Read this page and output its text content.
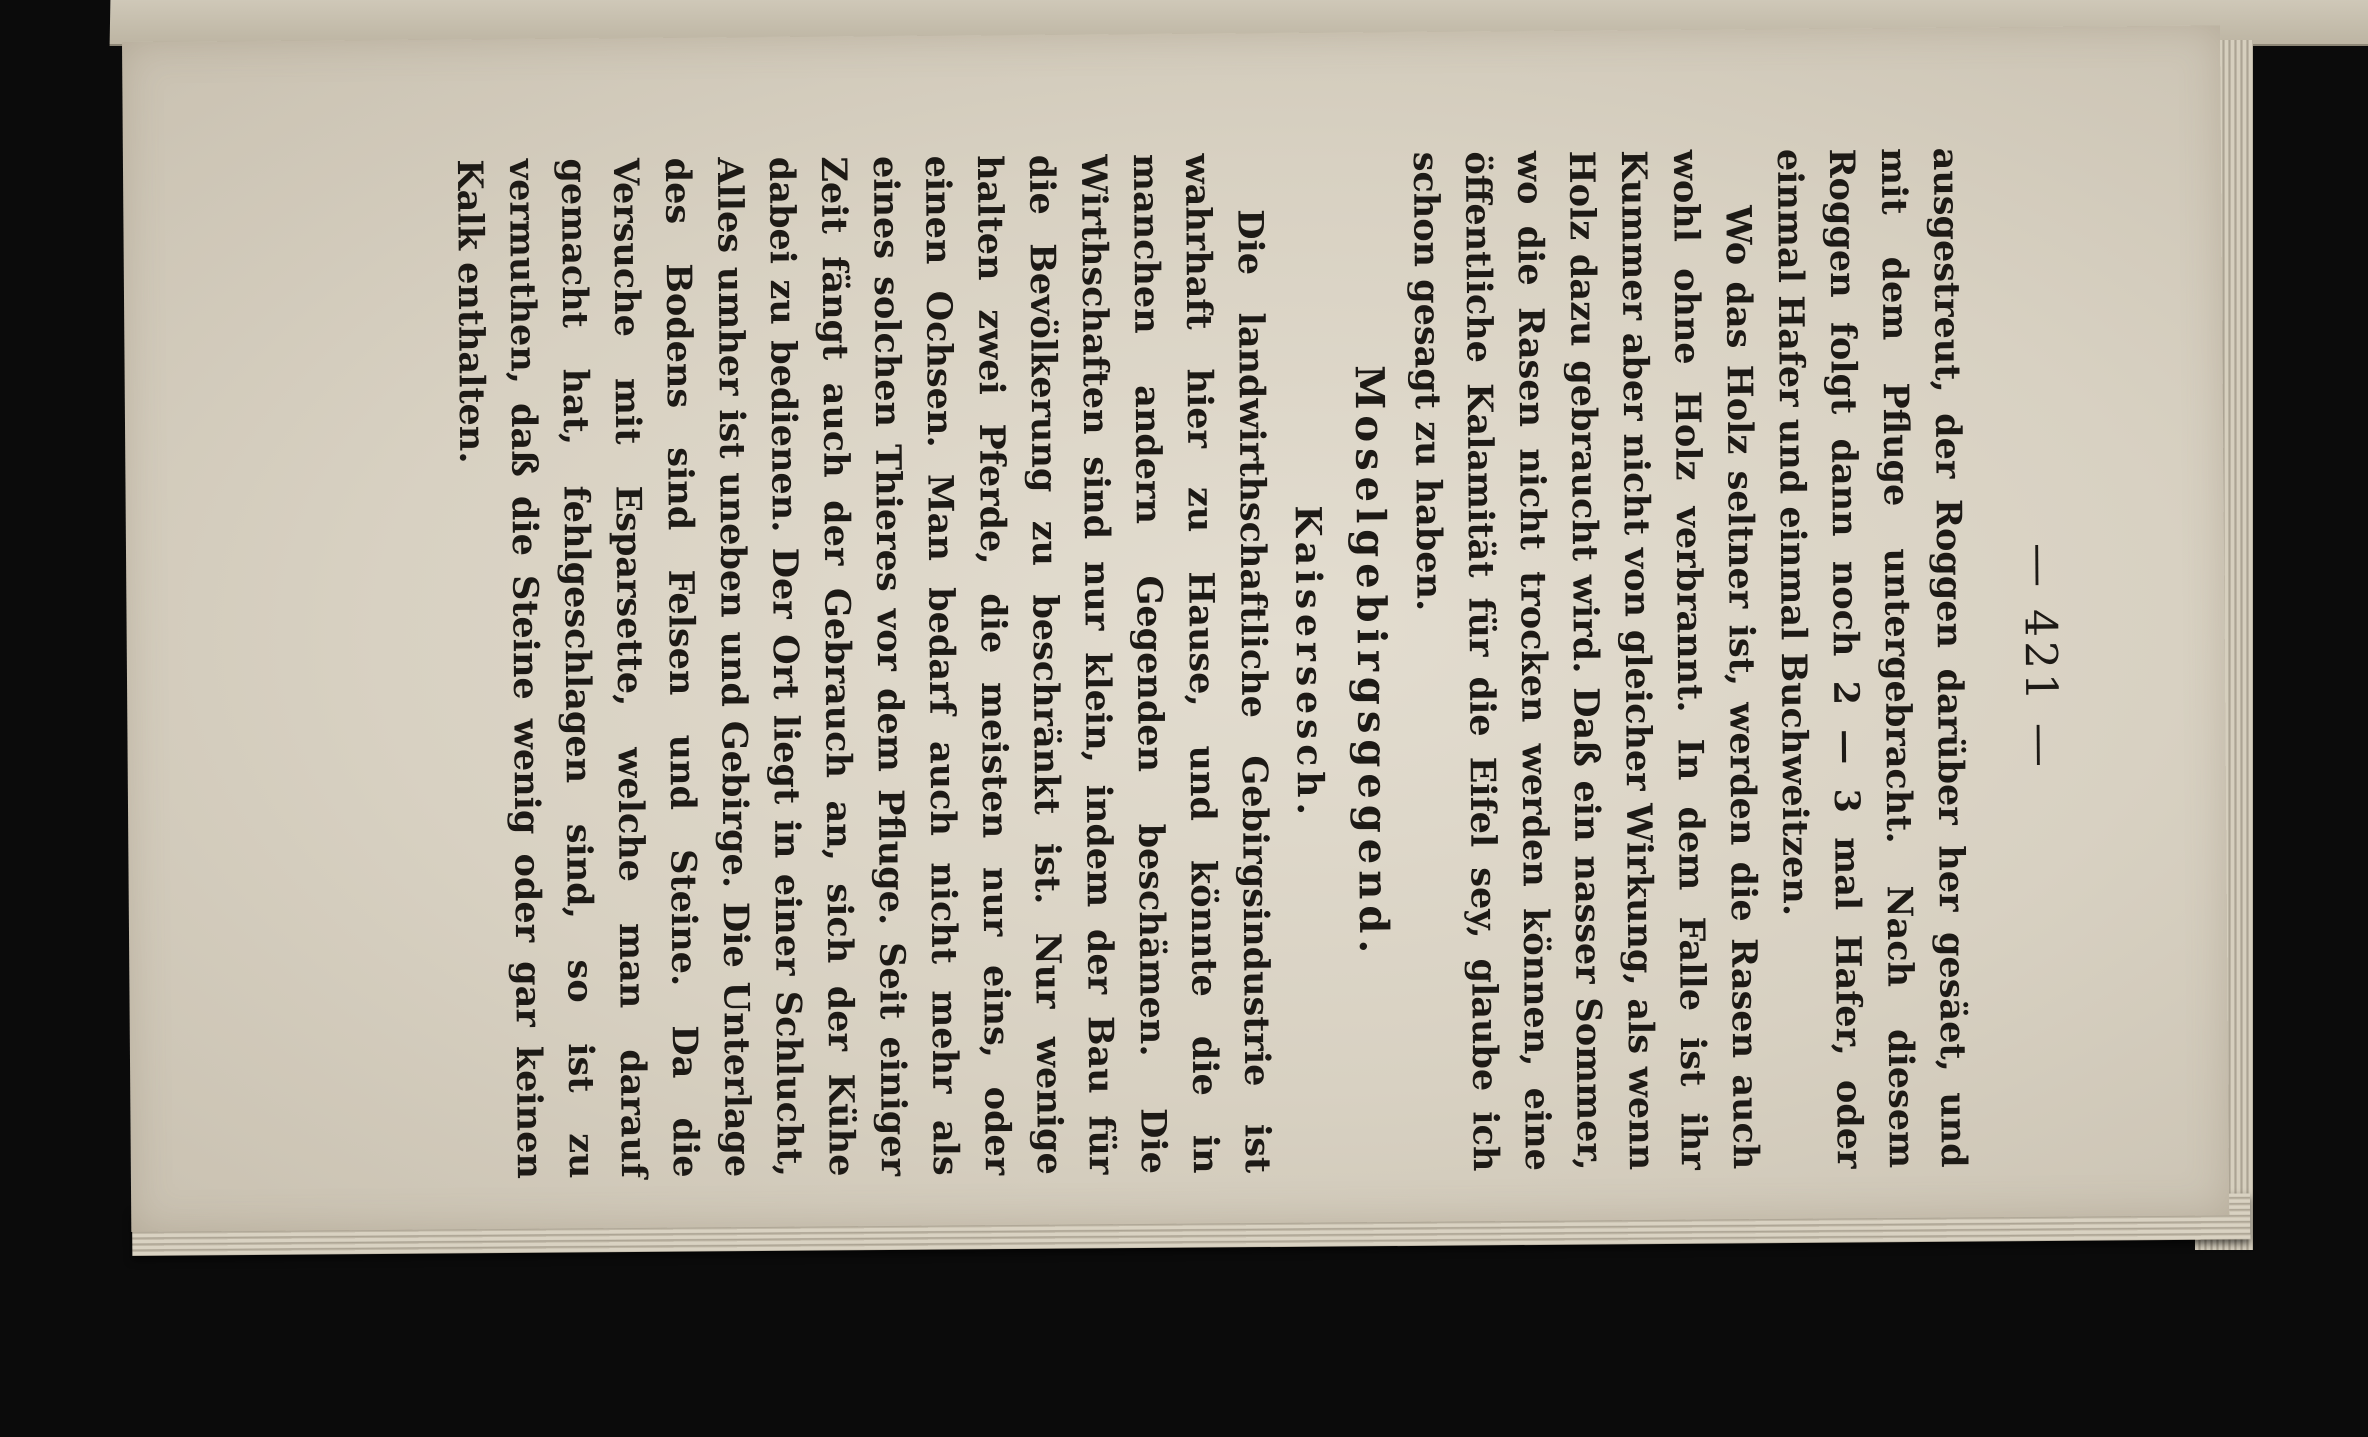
— 421 —

ausgestreut, der Roggen darüber her gesäet, und mit dem Pfluge untergebracht. Nach diesem Roggen folgt dann noch 2 — 3 mal Hafer, oder einmal Hafer und einmal Buchweitzen.

Wo das Holz seltner ist, werden die Rasen auch wohl ohne Holz verbrannt. In dem Falle ist ihr Kummer aber nicht von gleicher Wirkung, als wenn Holz dazu gebraucht wird. Daß ein nasser Sommer, wo die Rasen nicht trocken werden können, eine öffentliche Kalamität für die Eifel sey, glaube ich schon gesagt zu haben.

Moselgebirgsgegend.

Kaisersesch.

Die landwirthschaftliche Gebirgsindustrie ist wahrhaft hier zu Hause, und könnte die in manchen andern Gegenden beschämen. Die Wirthschaften sind nur klein, indem der Bau für die Bevölkerung zu beschränkt ist. Nur wenige halten zwei Pferde, die meisten nur eins, oder einen Ochsen. Man bedarf auch nicht mehr als eines solchen Thieres vor dem Pfluge. Seit einiger Zeit fängt auch der Gebrauch an, sich der Kühe dabei zu bedienen. Der Ort liegt in einer Schlucht, Alles umher ist uneben und Gebirge. Die Unterlage des Bodens sind Felsen und Steine. Da die Versuche mit Esparsette, welche man darauf gemacht hat, fehlgeschlagen sind, so ist zu vermuthen, daß die Steine wenig oder gar keinen Kalk enthalten.
